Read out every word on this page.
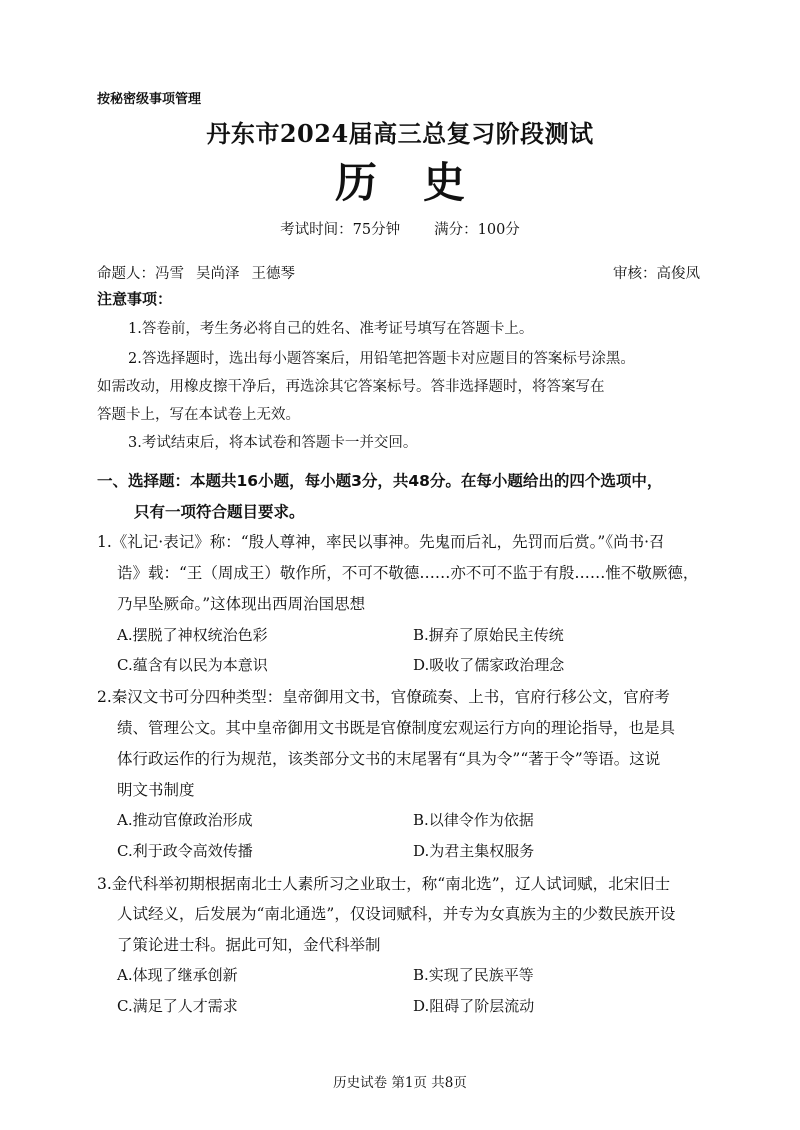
按秘密级事项管理
丹东市2024届高三总复习阶段测试
历史
考试时间：75分钟 满分：100分
命题人：冯雪 吴尚泽 王德琴	审核：高俊凤
注意事项：
1.答卷前，考生务必将自己的姓名、准考证号填写在答题卡上。
2.答选择题时，选出每小题答案后，用铅笔把答题卡对应题目的答案标号涂黑。
如需改动，用橡皮擦干净后，再选涂其它答案标号。答非选择题时，将答案写在
答题卡上，写在本试卷上无效。
3.考试结束后，将本试卷和答题卡一并交回。
一、选择题：本题共16小题，每小题3分，共48分。在每小题给出的四个选项中，
只有一项符合题目要求。
1.《礼记·表记》称：“殷人尊神，率民以事神。先鬼而后礼，先罚而后赏。”《尚书·召
诰》载：“王（周成王）敬作所，不可不敬德……亦不可不监于有殷……惟不敬厥德，
乃早坠厥命。”这体现出西周治国思想
A.摆脱了神权统治色彩	B.摒弃了原始民主传统
C.蕴含有以民为本意识	D.吸收了儒家政治理念
2.秦汉文书可分四种类型：皇帝御用文书，官僚疏奏、上书，官府行移公文，官府考
绩、管理公文。其中皇帝御用文书既是官僚制度宏观运行方向的理论指导，也是具
体行政运作的行为规范，该类部分文书的末尾署有“具为令”“著于令”等语。这说
明文书制度
A.推动官僚政治形成	B.以律令作为依据
C.利于政令高效传播	D.为君主集权服务
3.金代科举初期根据南北士人素所习之业取士，称“南北选”，辽人试词赋，北宋旧士
人试经义，后发展为“南北通选”，仅设词赋科，并专为女真族为主的少数民族开设
了策论进士科。据此可知，金代科举制
A.体现了继承创新	B.实现了民族平等
C.满足了人才需求	D.阻碍了阶层流动
历史试卷 第1页 共8页
